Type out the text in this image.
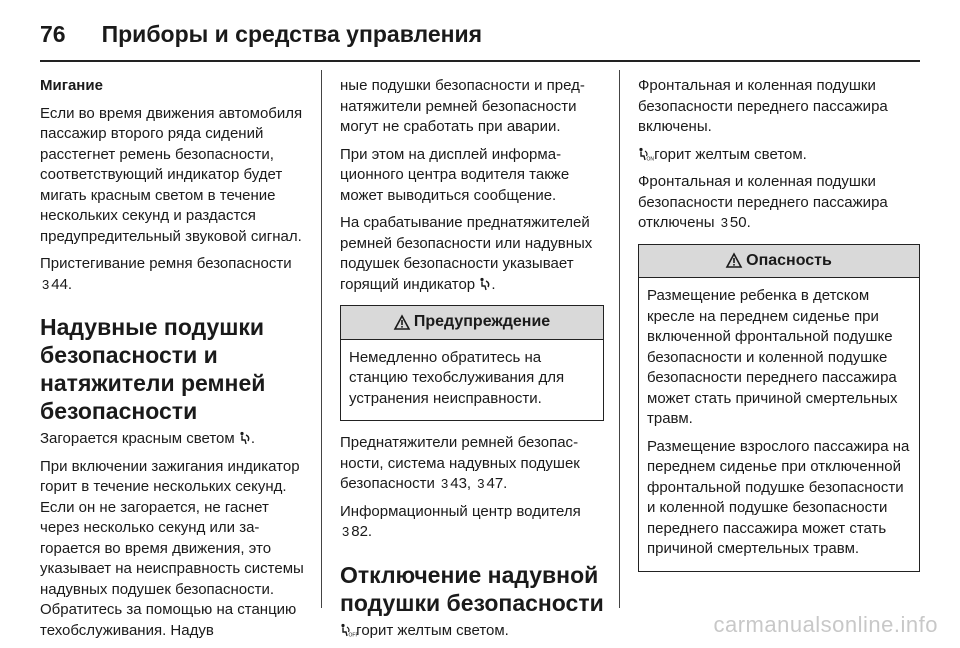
76 Приборы и средства управления

Мигание

Если во время движения автомобиля пассажир второго ряда сидений расстегнет ремень безопасности, соответствующий индикатор будет мигать красным светом в течение нескольких секунд и раздастся предупредительный звуковой сигнал.

Пристегивание ремня безопасности 3 44.

Надувные подушки безопасности и натяжители ремней безопасности

Загорается красным светом .

При включении зажигания индикатор горит в течение нескольких секунд. Если он не загорается, не гаснет через несколько секунд или загорается во время движения, это указывает на неисправность системы надувных подушек безопасности. Обратитесь за помощью на станцию техобслуживания. Надув

ные подушки безопасности и преднатяжители ремней безопасности могут не сработать при аварии.

При этом на дисплей информационного центра водителя также может выводиться сообщение.

На срабатывание преднатяжителей ремней безопасности или надувных подушек безопасности указывает горящий индикатор .

Предупреждение

Немедленно обратитесь на станцию техобслуживания для устранения неисправности.

Преднатяжители ремней безопасности, система надувных подушек безопасности 3 43, 3 47.

Информационный центр водителя
3 82.

Отключение надувной подушки безопасности

OFF
горит желтым светом.

Фронтальная и коленная подушки безопасности переднего пассажира включены.

ON горит желтым светом.

Фронтальная и коленная подушки безопасности переднего пассажира отключены 3 50.

Опасность

Размещение ребенка в детском кресле на переднем сиденье при включенной фронтальной подушке безопасности и коленной подушке безопасности переднего пассажира может стать причиной смертельных травм.

Размещение взрослого пассажира на переднем сиденье при отключенной фронтальной подушке безопасности и коленной подушке безопасности переднего пассажира может стать причиной смертельных травм.

carmanualsonline.info
